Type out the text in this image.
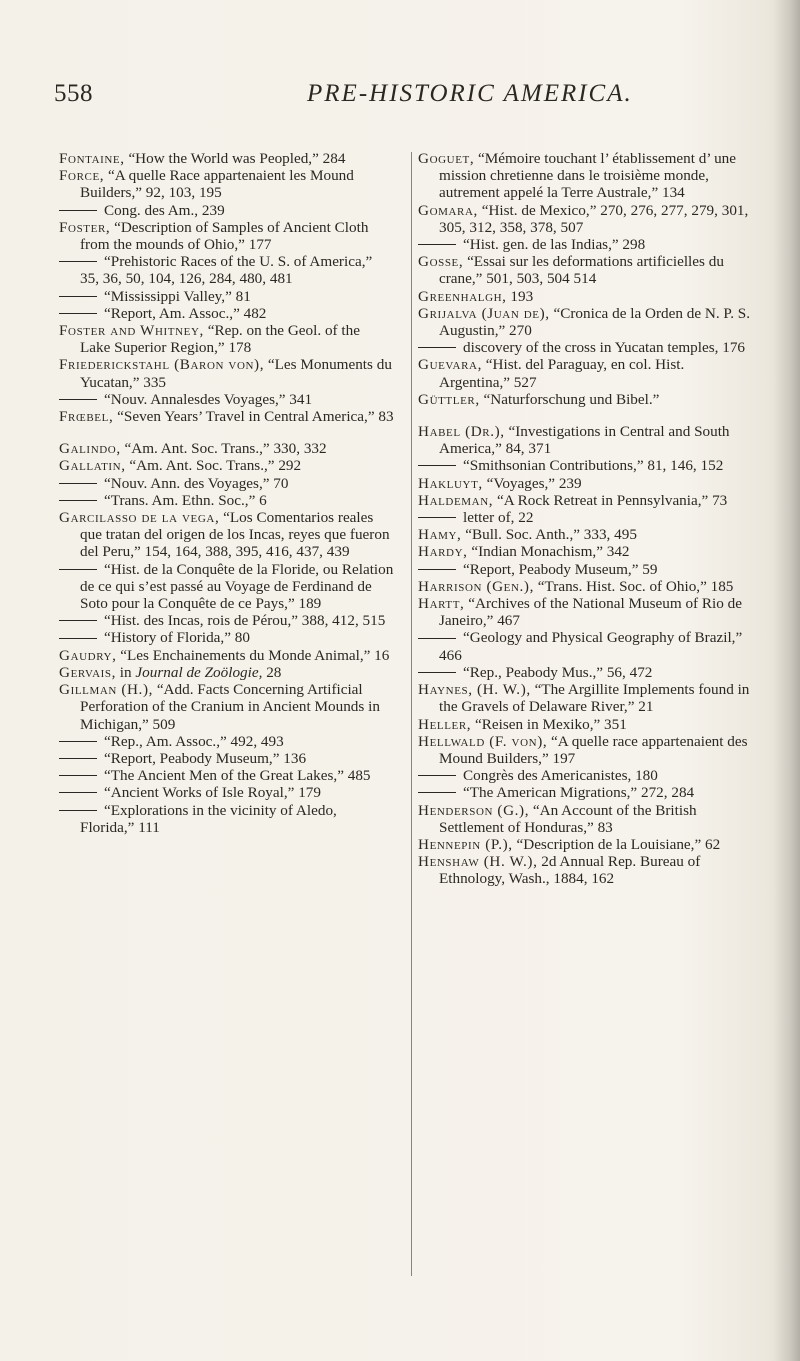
558	PRE-HISTORIC AMERICA.

Fontaine, “How the World was Peopled,” 284

Force, “A quelle Race appartenaient les Mound Builders,” 92, 103, 195

Cong. des Am., 239

Foster, “Description of Samples of Ancient Cloth from the mounds of Ohio,” 177

“Prehistoric Races of the U. S. of America,” 35, 36, 50, 104, 126, 284, 480, 481

“Mississippi Valley,” 81

“Report, Am. Assoc.,” 482

Foster and Whitney, “Rep. on the Geol. of the Lake Superior Region,” 178

Friederickstahl (Baron von), “Les Monuments du Yucatan,” 335

“Nouv. Annalesdes Voyages,” 341

Frœbel, “Seven Years’ Travel in Central America,” 83

Galindo, “Am. Ant. Soc. Trans.,” 330, 332

Gallatin, “Am. Ant. Soc. Trans.,” 292

“Nouv. Ann. des Voyages,” 70

“Trans. Am. Ethn. Soc.,” 6

Garcilasso de la vega, “Los Comentarios reales que tratan del origen de los Incas, reyes que fueron del Peru,” 154, 164, 388, 395, 416, 437, 439

“Hist. de la Conquête de la Floride, ou Relation de ce qui s’est passé au Voyage de Ferdinand de Soto pour la Conquête de ce Pays,” 189

“Hist. des Incas, rois de Pérou,” 388, 412, 515

“History of Florida,” 80

Gaudry, “Les Enchainements du Monde Animal,” 16

Gervais, in Journal de Zoölogie, 28

Gillman (H.), “Add. Facts Concerning Artificial Perforation of the Cranium in Ancient Mounds in Michigan,” 509

“Rep., Am. Assoc.,” 492, 493

“Report, Peabody Museum,” 136

“The Ancient Men of the Great Lakes,” 485

“Ancient Works of Isle Royal,” 179

“Explorations in the vicinity of Aledo, Florida,” 111

Goguet, “Mémoire touchant l’ établissement d’ une mission chretienne dans le troisième monde, autrement appelé la Terre Australe,” 134

Gomara, “Hist. de Mexico,” 270, 276, 277, 279, 301, 305, 312, 358, 378, 507

“Hist. gen. de las Indias,” 298

Gosse, “Essai sur les deformations artificielles du crane,” 501, 503, 504 514

Greenhalgh, 193

Grijalva (Juan de), “Cronica de la Orden de N. P. S. Augustin,” 270

discovery of the cross in Yucatan temples, 176

Guevara, “Hist. del Paraguay, en col. Hist. Argentina,” 527

Güttler, “Naturforschung und Bibel.”

Habel (Dr.), “Investigations in Central and South America,” 84, 371

“Smithsonian Contributions,” 81, 146, 152

Hakluyt, “Voyages,” 239

Haldeman, “A Rock Retreat in Pennsylvania,” 73

letter of, 22

Hamy, “Bull. Soc. Anth.,” 333, 495

Hardy, “Indian Monachism,” 342

“Report, Peabody Museum,” 59

Harrison (Gen.), “Trans. Hist. Soc. of Ohio,” 185

Hartt, “Archives of the National Museum of Rio de Janeiro,” 467

“Geology and Physical Geography of Brazil,” 466

“Rep., Peabody Mus.,” 56, 472

Haynes, (H. W.), “The Argillite Implements found in the Gravels of Delaware River,” 21

Heller, “Reisen in Mexiko,” 351

Hellwald (F. von), “A quelle race appartenaient des Mound Builders,” 197

Congrès des Americanistes, 180

“The American Migrations,” 272, 284

Henderson (G.), “An Account of the British Settlement of Honduras,” 83

Hennepin (P.), “Description de la Louisiane,” 62

Henshaw (H. W.), 2d Annual Rep. Bureau of Ethnology, Wash., 1884, 162
